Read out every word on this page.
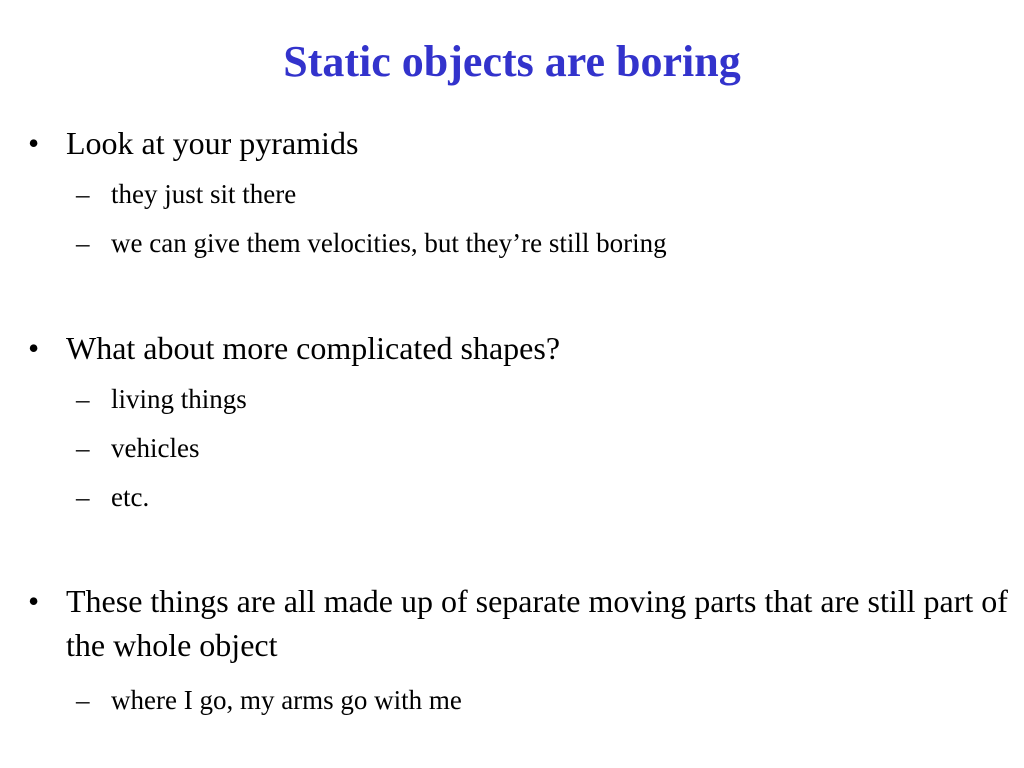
Static objects are boring
• Look at your pyramids
– they just sit there
– we can give them velocities, but they’re still boring
• What about more complicated shapes?
– living things
– vehicles
– etc.
• These things are all made up of separate moving parts that are still part of the whole object
– where I go, my arms go with me
